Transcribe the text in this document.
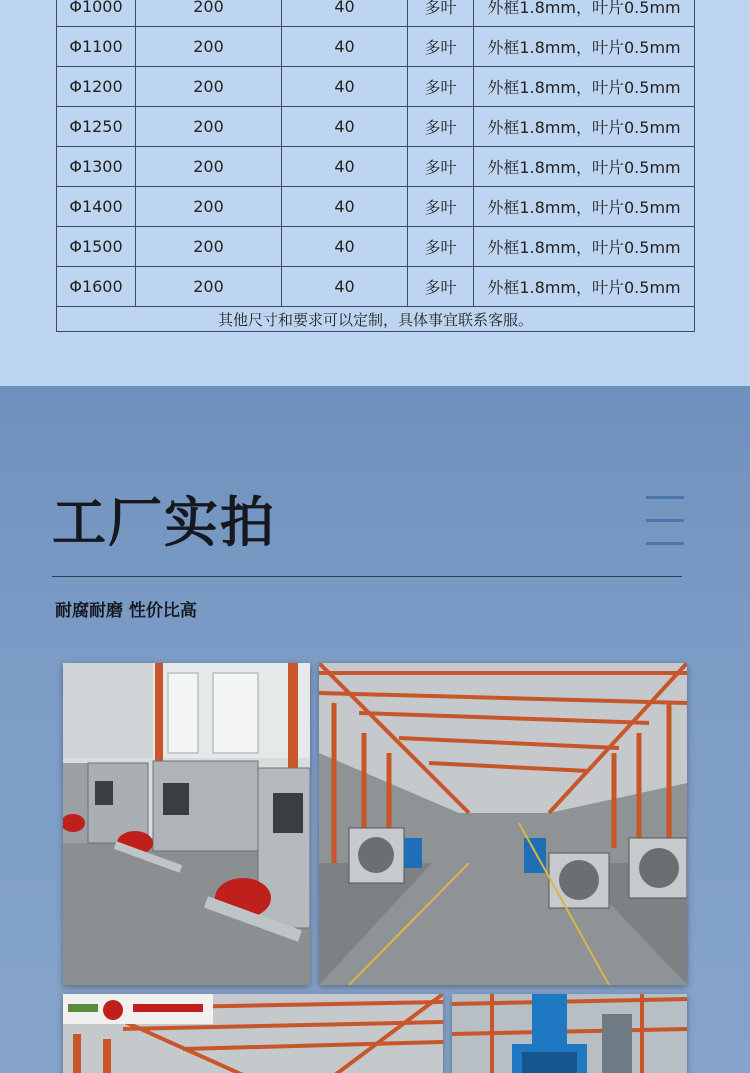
Φ1000	200	40	多叶	外框1.8mm，叶片0.5mm
Φ1100	200	40	多叶	外框1.8mm，叶片0.5mm
Φ1200	200	40	多叶	外框1.8mm，叶片0.5mm
Φ1250	200	40	多叶	外框1.8mm，叶片0.5mm
Φ1300	200	40	多叶	外框1.8mm，叶片0.5mm
Φ1400	200	40	多叶	外框1.8mm，叶片0.5mm
Φ1500	200	40	多叶	外框1.8mm，叶片0.5mm
Φ1600	200	40	多叶	外框1.8mm，叶片0.5mm
其他尺寸和要求可以定制，具体事宜联系客服。				
工厂实拍
耐腐耐磨 性价比高
